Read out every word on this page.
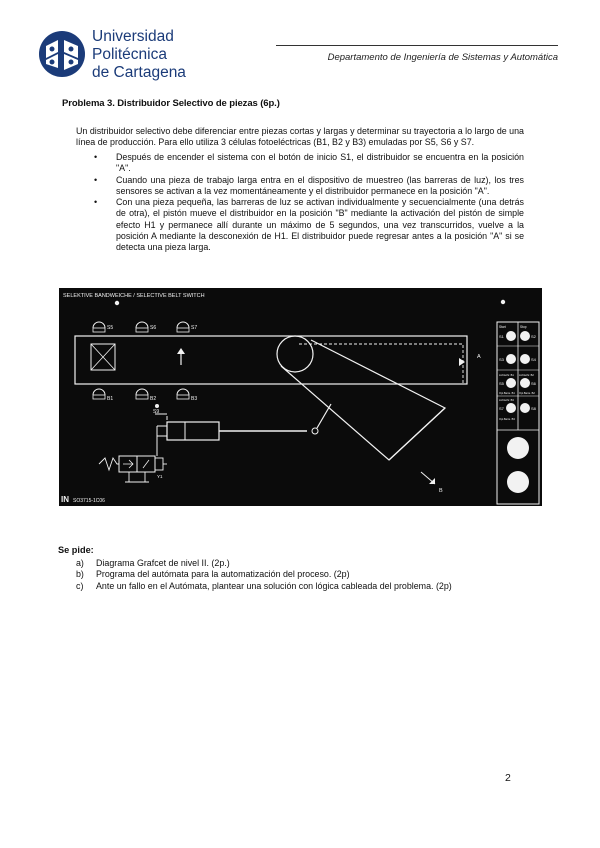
Universidad
Politécnica
de Cartagena
Departamento de Ingeniería de Sistemas y Automática
Problema 3. Distribuidor Selectivo de piezas (6p.)
Un distribuidor selectivo debe diferenciar entre piezas cortas y largas y determinar su trayectoria a lo largo de una línea de producción. Para ello utiliza 3 células fotoeléctricas (B1, B2 y B3) emuladas por S5, S6 y S7.
• Después de encender el sistema con el botón de inicio S1, el distribuidor se encuentra en la posición "A".
• Cuando una pieza de trabajo larga entra en el dispositivo de muestreo (las barreras de luz), los tres sensores se activan a la vez momentáneamente y el distribuidor permanece en la posición "A".
• Con una pieza pequeña, las barreras de luz se activan individualmente y secuencialmente (una detrás de otra), el pistón mueve el distribuidor en la posición "B" mediante la activación del pistón de simple efecto H1 y permanece allí durante un máximo de 5 segundos, una vez transcurridos, vuelve a la posición A mediante la desconexión de H1. El distribuidor puede regresar antes a la posición "A" si se detecta una pieza larga.
SELEKTIVE BANDWEICHE / SELECTIVE BELT SWITCH
A
S5	S6	S7
B1	B2	B3
B
S9
Y1
IN SO3715-1C06
Start	Stop
S1	S2
S3	S4
Lichtschr. B1 Lichtschr. B2
S5	S6
Opt.Barre. B1 Opt.Barre. B2
Lichtschr. B3
S7	S8
Opt.Barre. B3
Se pide:
a) Diagrama Grafcet de nivel II. (2p.)
b) Programa del autómata para la automatización del proceso. (2p)
c) Ante un fallo en el Autómata, plantear una solución con lógica cableada del problema. (2p)
2
